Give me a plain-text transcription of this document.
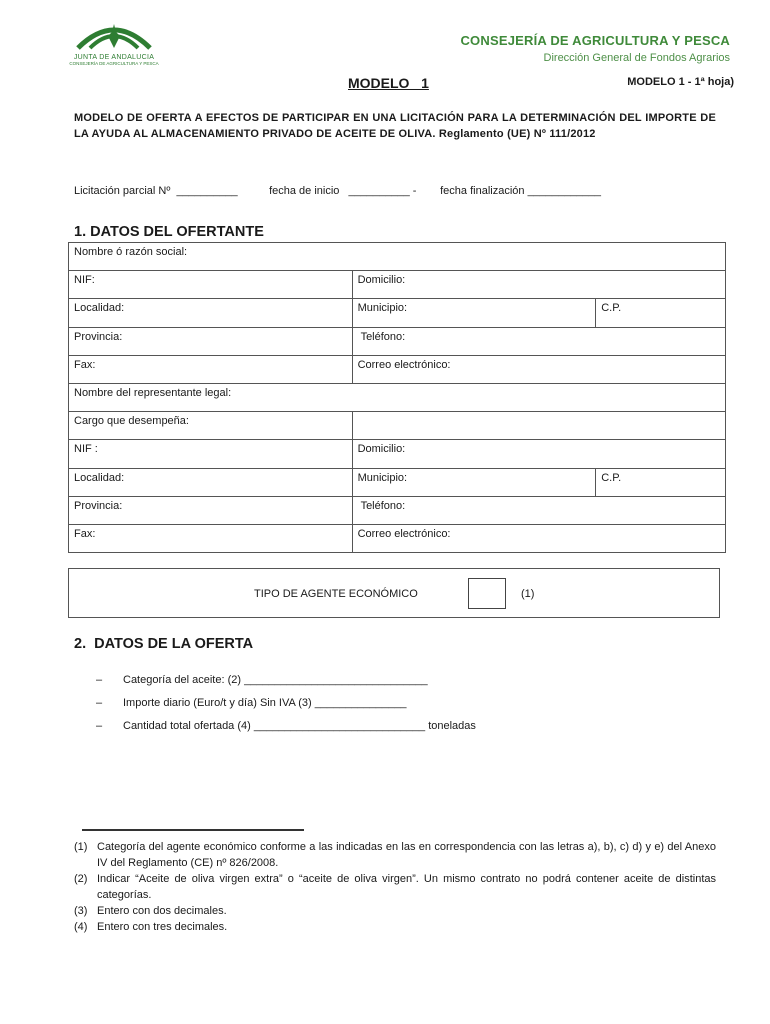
JUNTA DE ANDALUCIA
CONSEJERÍA DE AGRICULTURA Y PESCA
CONSEJERÍA DE AGRICULTURA Y PESCA
Dirección General de Fondos Agrarios
MODELO   1	MODELO 1 - 1ª hoja)
MODELO DE OFERTA A EFECTOS DE PARTICIPAR EN UNA LICITACIÓN PARA LA DETERMINACIÓN DEL IMPORTE DE LA AYUDA AL ALMACENAMIENTO PRIVADO DE ACEITE DE OLIVA. Reglamento (UE) Nº 111/2012
Licitación parcial Nº  __________	fecha de inicio   __________ - fecha finalización ____________
1. DATOS DEL OFERTANTE
Nombre ó razón social:		
NIF:	Domicilio:	
Localidad:	Municipio:	C.P.
Provincia:	Teléfono:	
Fax:	Correo electrónico:	
Nombre del representante legal:		
Cargo que desempeña:		
NIF :	Domicilio:	
Localidad:	Municipio:	C.P.
Provincia:	Teléfono:	
Fax:	Correo electrónico:	
TIPO DE AGENTE ECONÓMICO	(1)
2.  DATOS DE LA OFERTA
– Categoría del aceite: (2) ______________________________
– Importe diario (Euro/t y día) Sin IVA (3) _______________
– Cantidad total ofertada (4) ____________________________ toneladas
(1) Categoría del agente económico conforme a las indicadas en las en correspondencia con las letras a), b), c) d) y e) del Anexo IV del Reglamento (CE) nº 826/2008.
(2) Indicar “Aceite de oliva virgen extra” o “aceite de oliva virgen”. Un mismo contrato no podrá contener aceite de distintas categorías.
(3) Entero con dos decimales.
(4) Entero con tres decimales.
